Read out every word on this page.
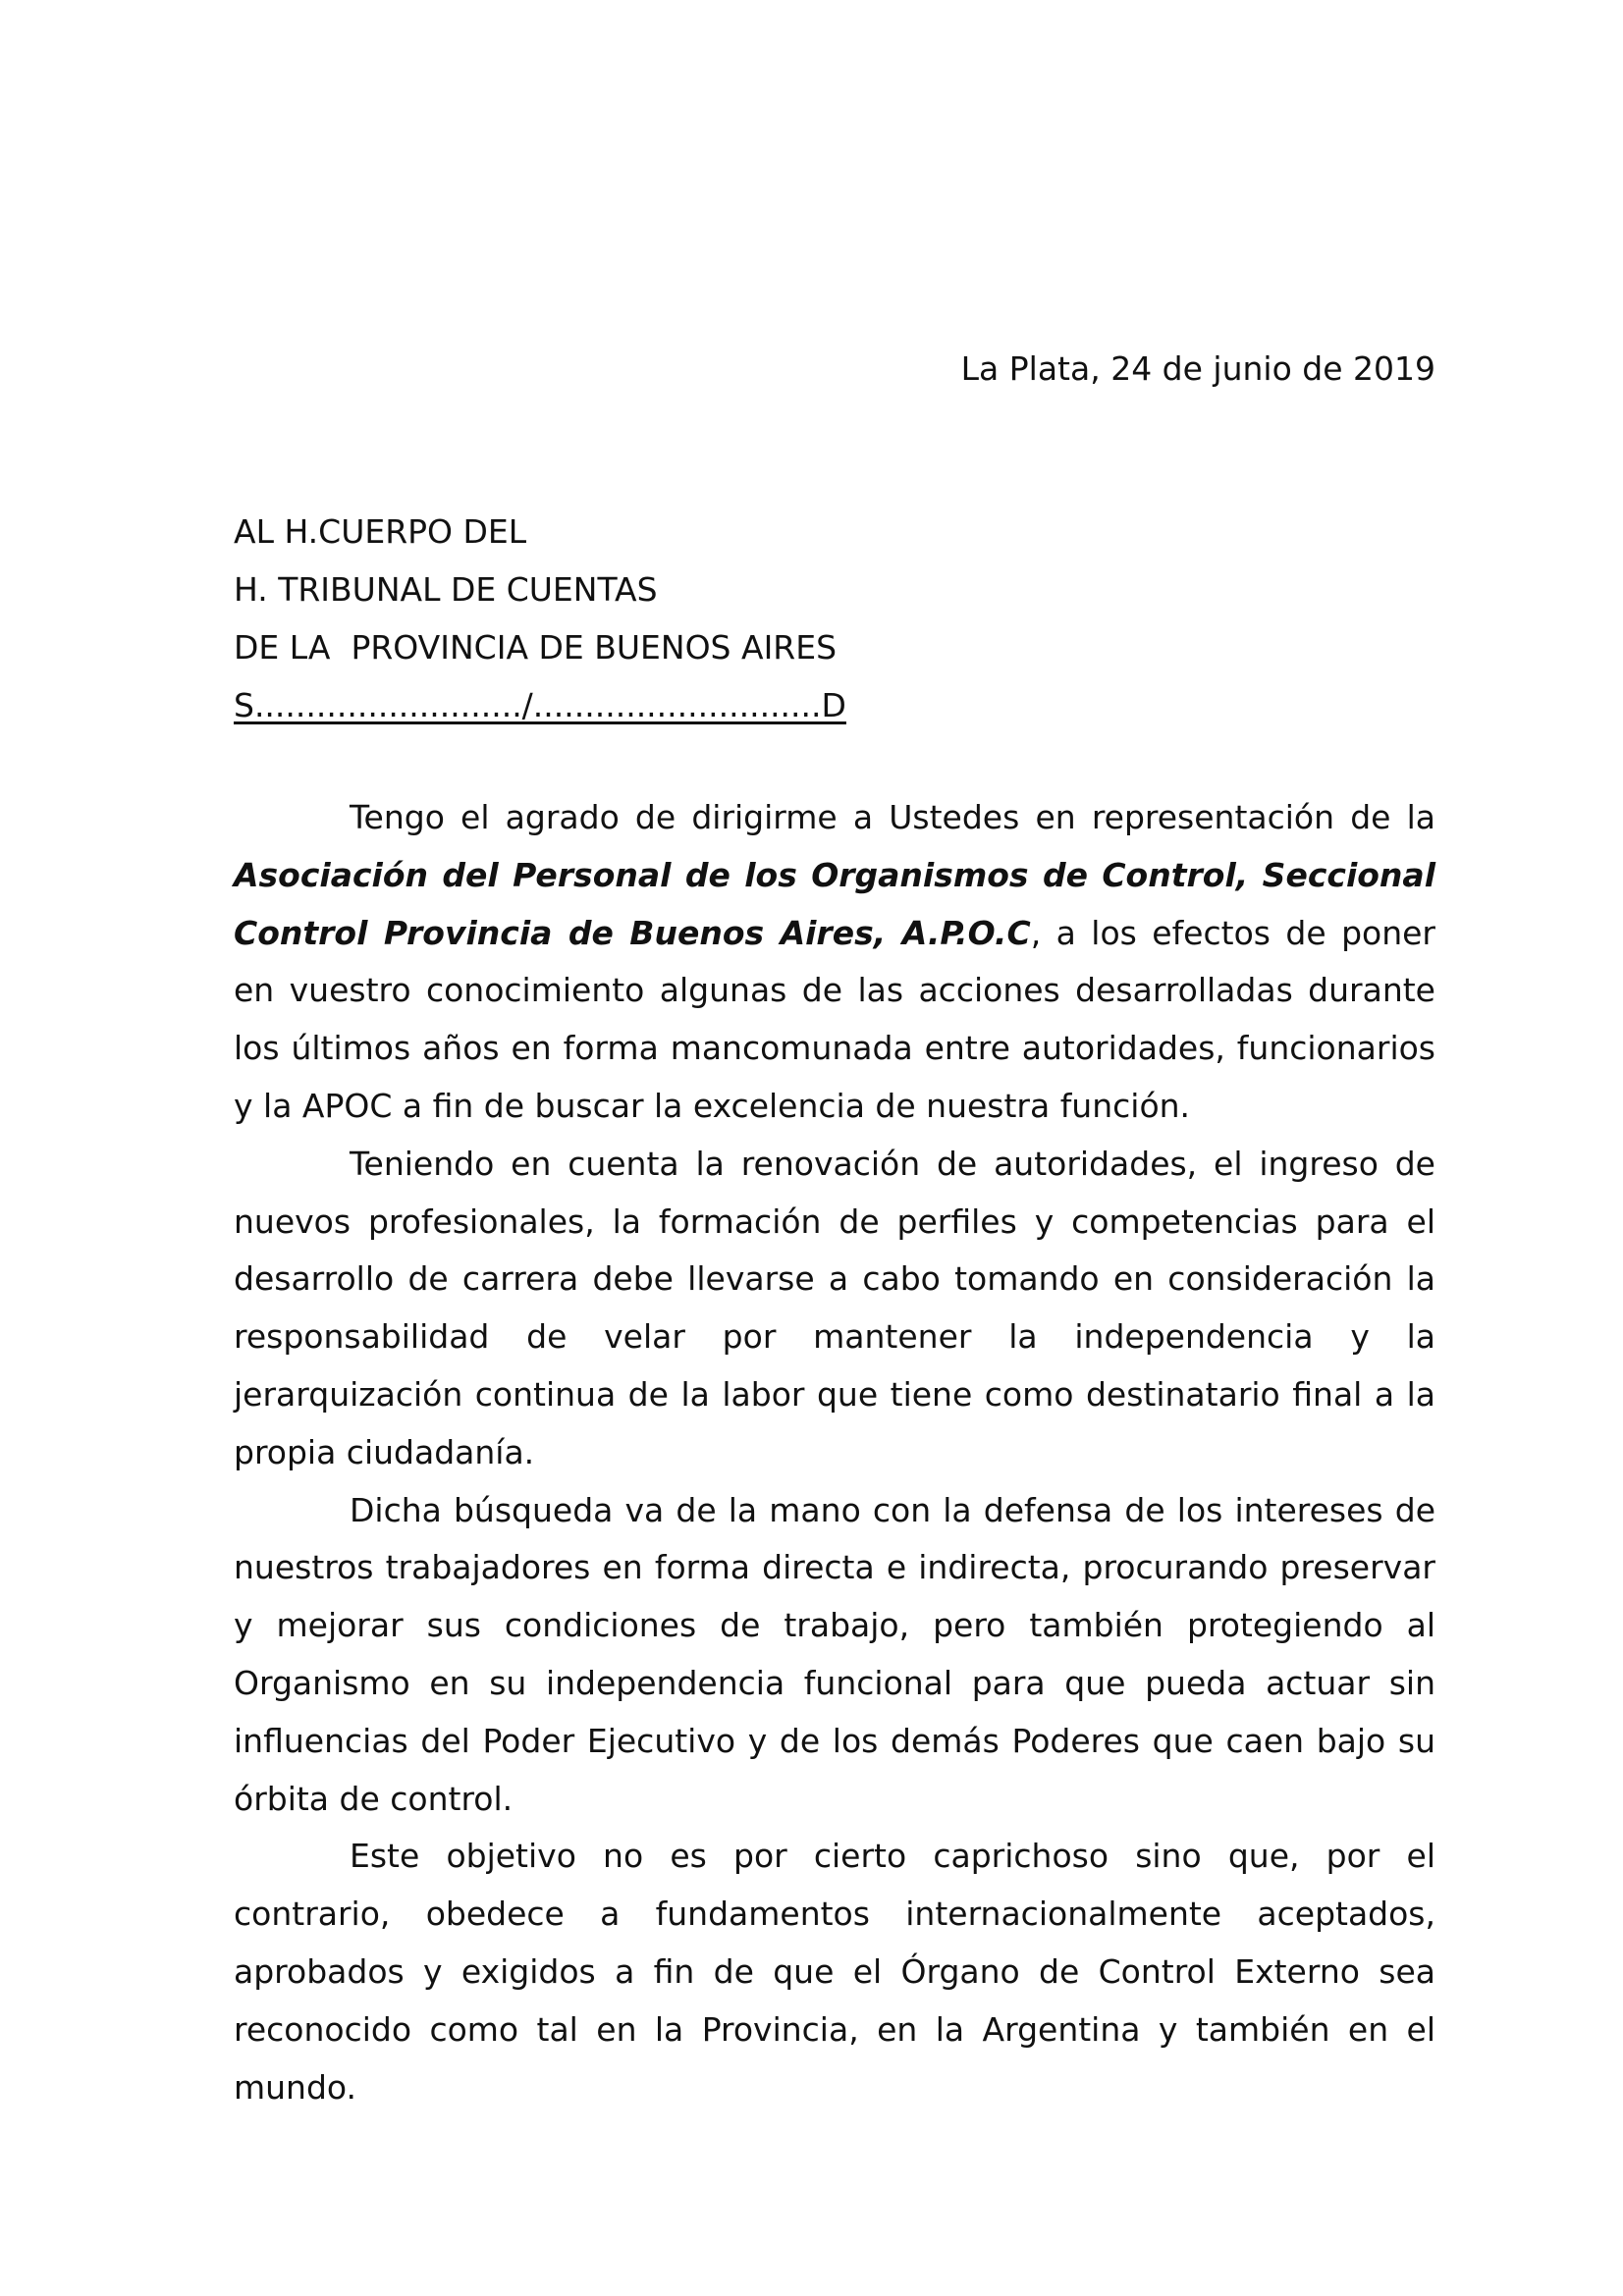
La Plata, 24 de junio de 2019
AL H.CUERPO DEL
H. TRIBUNAL DE CUENTAS
DE LA  PROVINCIA DE BUENOS AIRES
S........................../............................D

Tengo el agrado de dirigirme a Ustedes en representación de la Asociación del Personal de los Organismos de Control, Seccional Control Provincia de Buenos Aires, A.P.O.C, a los efectos de poner en vuestro conocimiento algunas de las acciones desarrolladas durante los últimos años en forma mancomunada entre autoridades, funcionarios y la APOC a fin de buscar la excelencia de nuestra función.

Teniendo en cuenta la renovación de autoridades, el ingreso de nuevos profesionales, la formación de perfiles y competencias para el desarrollo de carrera debe llevarse a cabo tomando en consideración la responsabilidad de velar por mantener la independencia y la jerarquización continua de la labor que tiene como destinatario final a la propia ciudadanía.

Dicha búsqueda va de la mano con la defensa de los intereses de nuestros trabajadores en forma directa e indirecta, procurando preservar y mejorar sus condiciones de trabajo, pero también protegiendo al Organismo en su independencia funcional para que pueda actuar sin influencias del Poder Ejecutivo y de los demás Poderes que caen bajo su órbita de control.

Este objetivo no es por cierto caprichoso sino que, por el contrario, obedece a fundamentos internacionalmente aceptados, aprobados y exigidos a fin de que el Órgano de Control Externo sea reconocido como tal en la Provincia, en la Argentina y también en el mundo.
